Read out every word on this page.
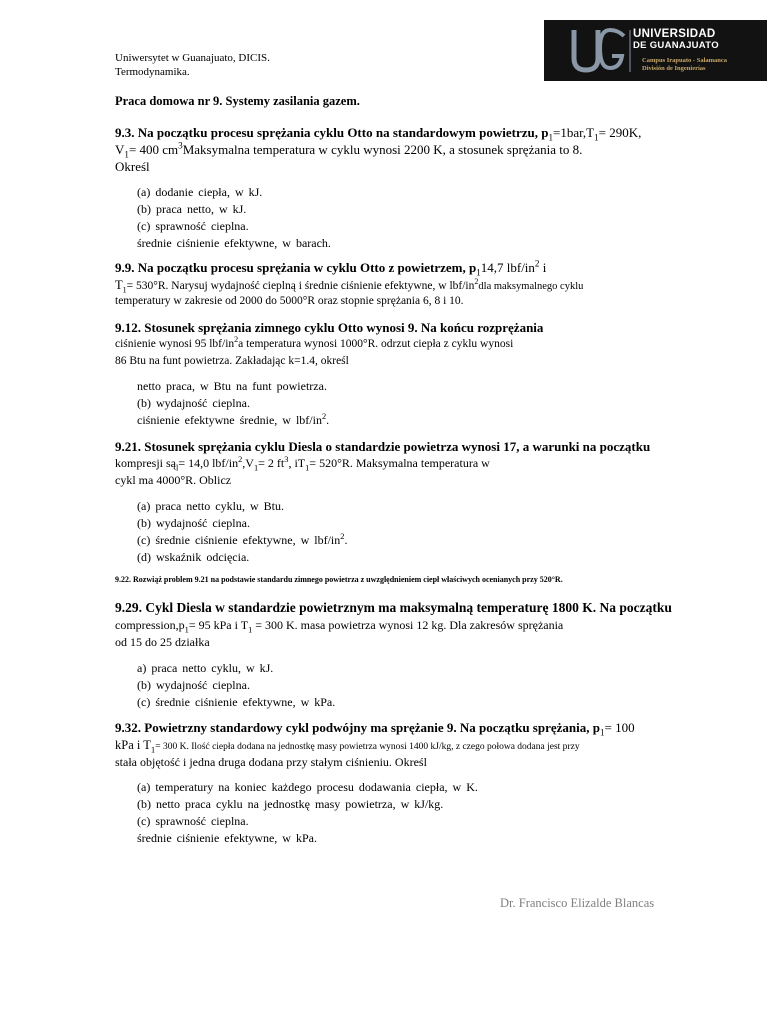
Uniwersytet w Guanajuato, DICIS.
Termodynamika.
UNIVERSIDAD
DE GUANAJUATO
Campus Irapuato - Salamanca
División de Ingenierías
Praca domowa nr 9. Systemy zasilania gazem.
9.3. Na początku procesu sprężania cyklu Otto na standardowym powietrzu, $p_1=1bar,T_1= 290K$,
$V_1= 400$ $cm^3Maksymalna$ temperatura w cyklu wynosi 2200 K, a stosunek sprężania to 8.
Określ
(a) dodanie ciepła, w kJ.
(b) praca netto, w kJ.
(c) sprawność cieplna.
średnie ciśnienie efektywne, w barach.
9.9. Na początku procesu sprężania w cyklu Otto z powietrzem, $p_114,7$ lbf/$in^2$ i
$T_1= 530^\circ R$. Narysuj wydajność cieplną i średnie ciśnienie efektywne, w lbf/$in^2dla$ maksymalnego cyklu
temperatury w zakresie od 2000 do 5000°R oraz stopnie sprężania 6, 8 i 10.
9.12. Stosunek sprężania zimnego cyklu Otto wynosi 9. Na końcu rozprężania
ciśnienie wynosi 95 lbf/$in^2a$ temperatura wynosi 1000°R. odrzut ciepła z cyklu wynosi
86 Btu na funt powietrza. Zakładając k=1.4, określ
netto praca, w Btu na funt powietrza.
(b) wydajność cieplna.
ciśnienie efektywne średnie, w lbf/$in^2$.
9.21. Stosunek sprężania cyklu Diesla o standardzie powietrza wynosi 17, a warunki na początku
kompresji $są_l= 14,0$ lbf/$in^2,V_1= 2$ $ft^3$, $iT_1= 520^\circ R$. Maksymalna temperatura w
cykl ma 4000°R. Oblicz
(a) praca netto cyklu, w Btu.
(b) wydajność cieplna.
(c) średnie ciśnienie efektywne, w lbf/$in^2$.
(d) wskaźnik odcięcia.
9.22. Rozwiąż problem 9.21 na podstawie standardu zimnego powietrza z uwzględnieniem ciepł właściwych ocenianych przy 520°R.
9.29. Cykl Diesla w standardzie powietrznym ma maksymalną temperaturę 1800 K. Na początku
$compression,p_1= 95$ kPa i $T_1 = 300$ K. masa powietrza wynosi 12 kg. Dla zakresów sprężania
od 15 do 25 działka
a) praca netto cyklu, w kJ.
(b) wydajność cieplna.
(c) średnie ciśnienie efektywne, w kPa.
9.32. Powietrzny standardowy cykl podwójny ma sprężanie 9. Na początku sprężania, $p_1= 100$
kPa i $T_1= 300$ K. Ilość ciepła dodana na jednostkę masy powietrza wynosi 1400 kJ/kg, z czego połowa dodana jest przy
stała objętość i jedna druga dodana przy stałym ciśnieniu. Określ
(a) temperatury na koniec każdego procesu dodawania ciepła, w K.
(b) netto praca cyklu na jednostkę masy powietrza, w kJ/kg.
(c) sprawność cieplna.
średnie ciśnienie efektywne, w kPa.
Dr. Francisco Elizalde Blancas
